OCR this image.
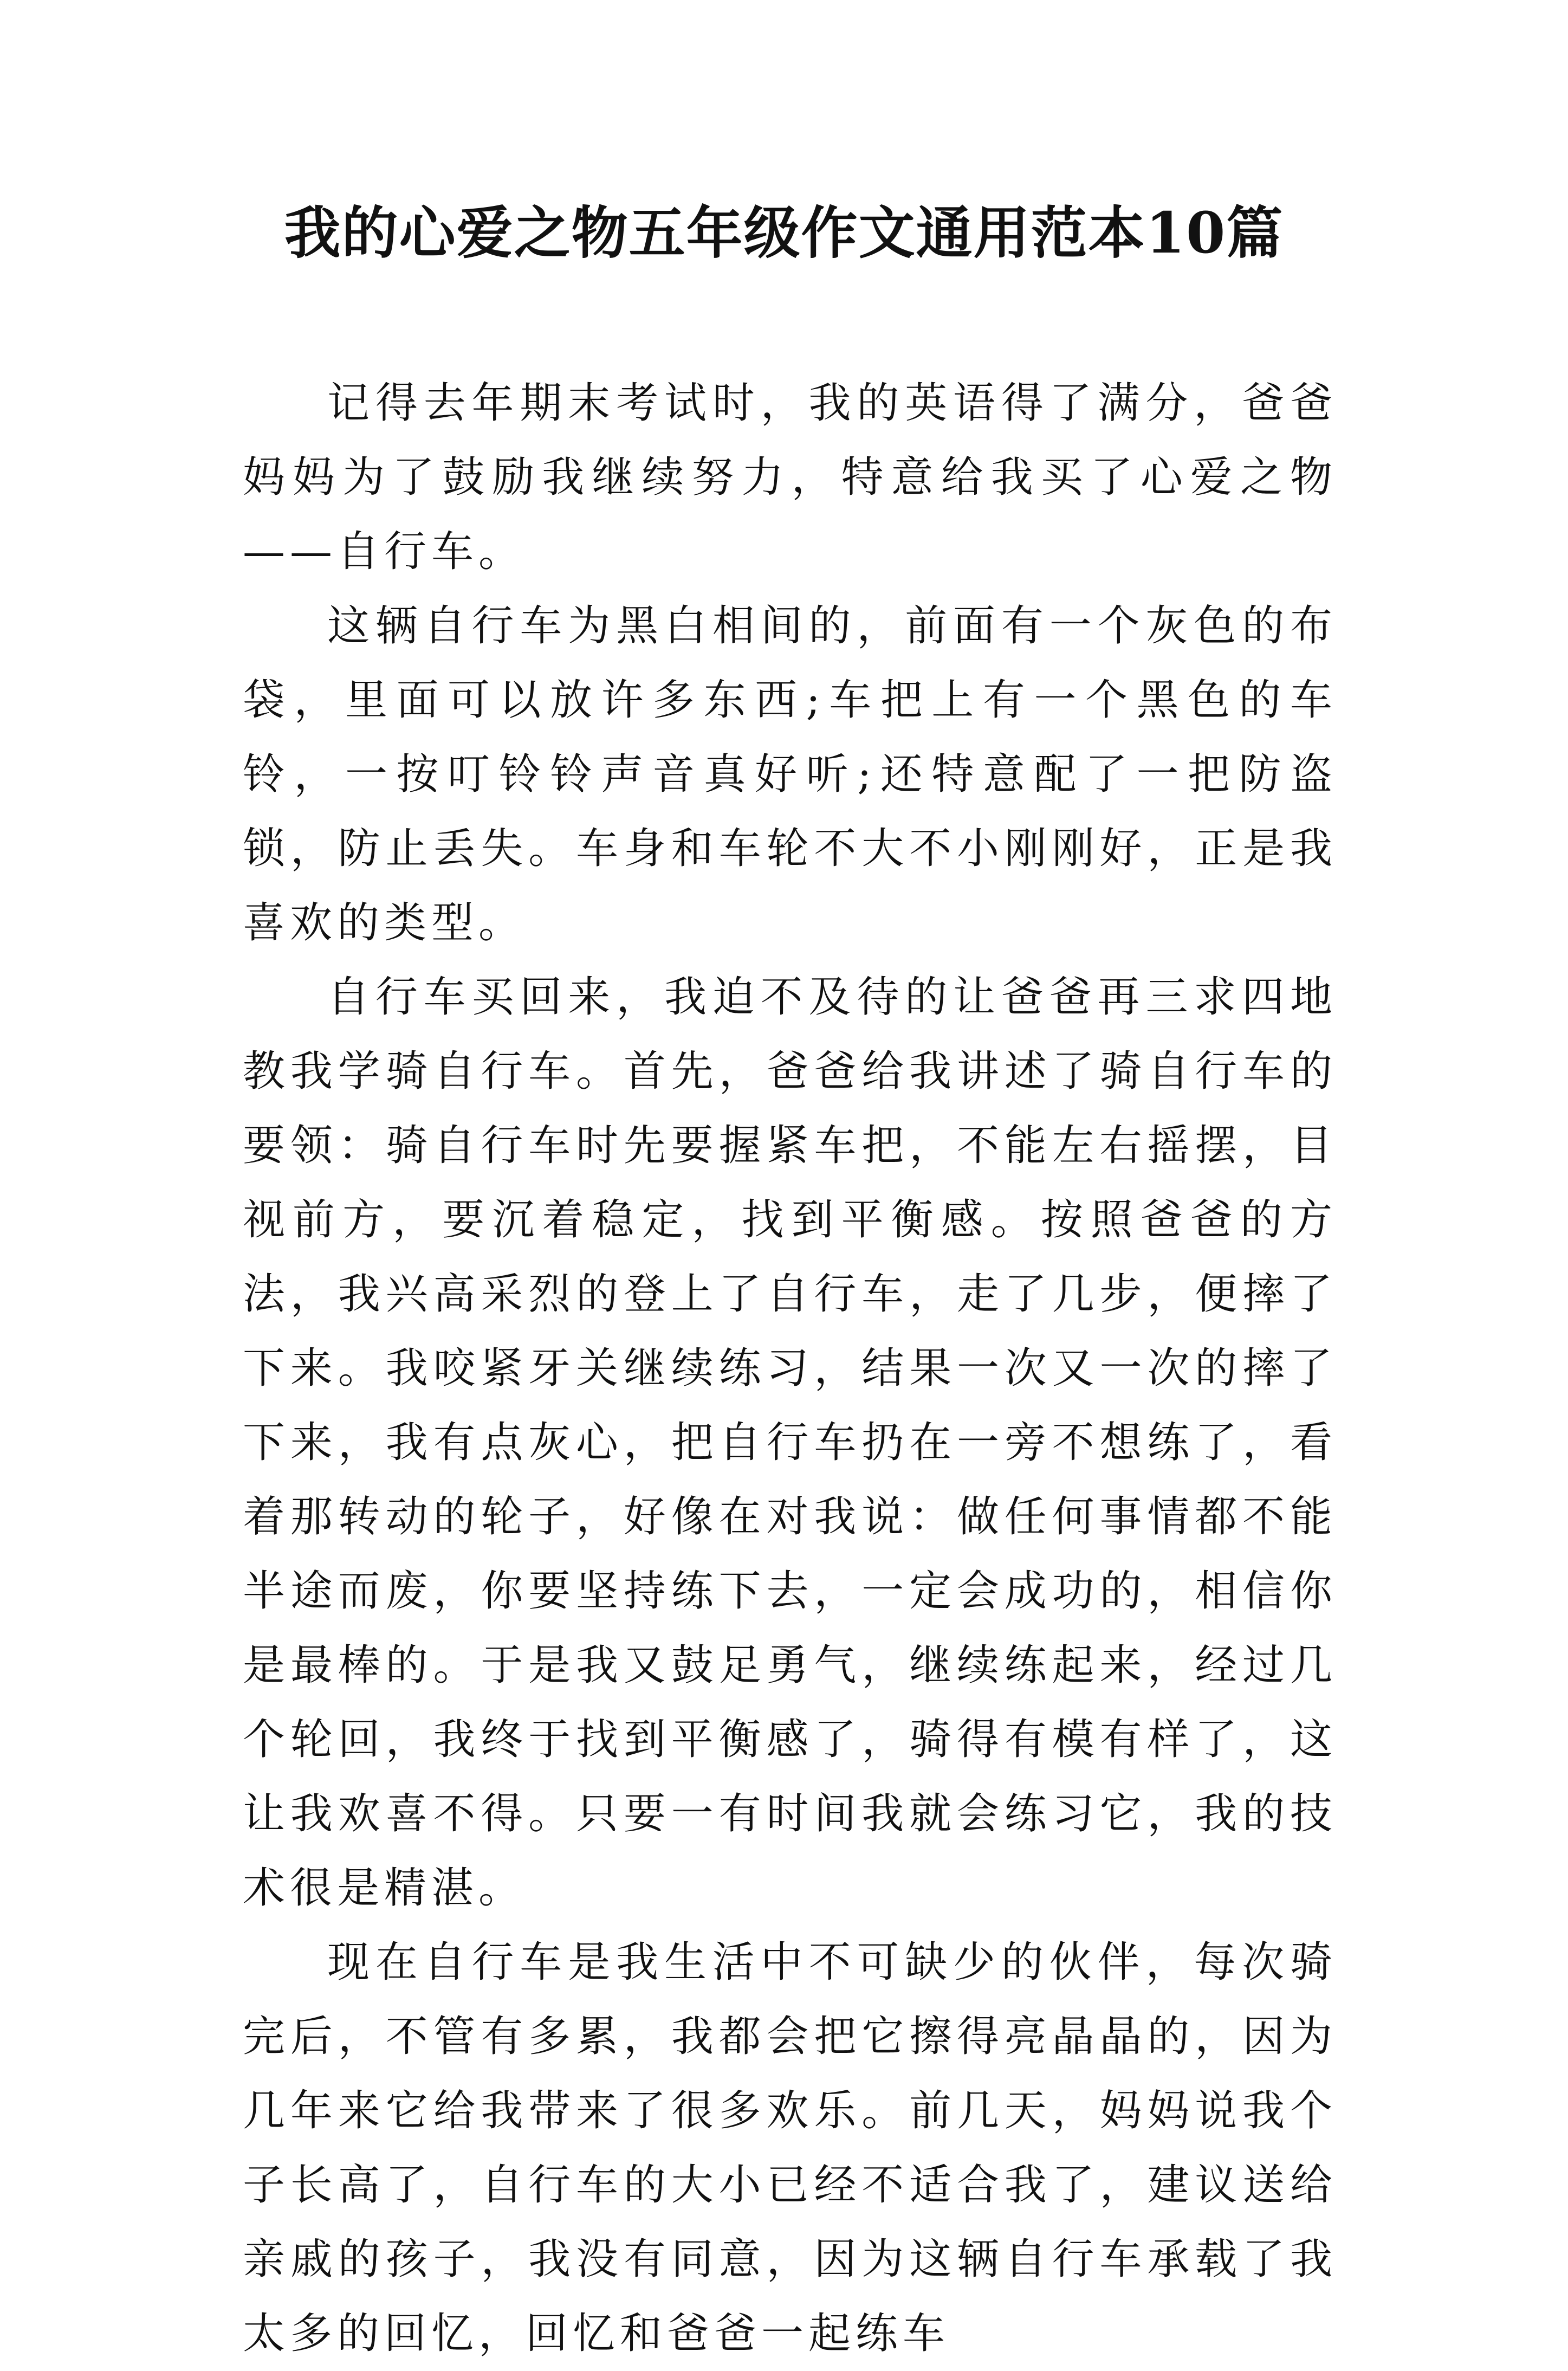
我的心爱之物五年级作文通用范本10篇

记得去年期末考试时，我的英语得了满分，爸爸妈妈为了鼓励我继续努力，特意给我买了心爱之物——自行车。

这辆自行车为黑白相间的，前面有一个灰色的布袋，里面可以放许多东西;车把上有一个黑色的车铃，一按叮铃铃声音真好听;还特意配了一把防盗锁，防止丢失。车身和车轮不大不小刚刚好，正是我喜欢的类型。

自行车买回来，我迫不及待的让爸爸再三求四地教我学骑自行车。首先，爸爸给我讲述了骑自行车的要领：骑自行车时先要握紧车把，不能左右摇摆，目视前方，要沉着稳定，找到平衡感。按照爸爸的方法，我兴高采烈的登上了自行车，走了几步，便摔了下来。我咬紧牙关继续练习，结果一次又一次的摔了下来，我有点灰心，把自行车扔在一旁不想练了，看着那转动的轮子，好像在对我说：做任何事情都不能半途而废，你要坚持练下去，一定会成功的，相信你是最棒的。于是我又鼓足勇气，继续练起来，经过几个轮回，我终于找到平衡感了，骑得有模有样了，这让我欢喜不得。只要一有时间我就会练习它，我的技术很是精湛。

现在自行车是我生活中不可缺少的伙伴，每次骑完后，不管有多累，我都会把它擦得亮晶晶的，因为几年来它给我带来了很多欢乐。前几天，妈妈说我个子长高了，自行车的大小已经不适合我了，建议送给亲戚的孩子，我没有同意，因为这辆自行车承载了我太多的回忆，回忆和爸爸一起练车
